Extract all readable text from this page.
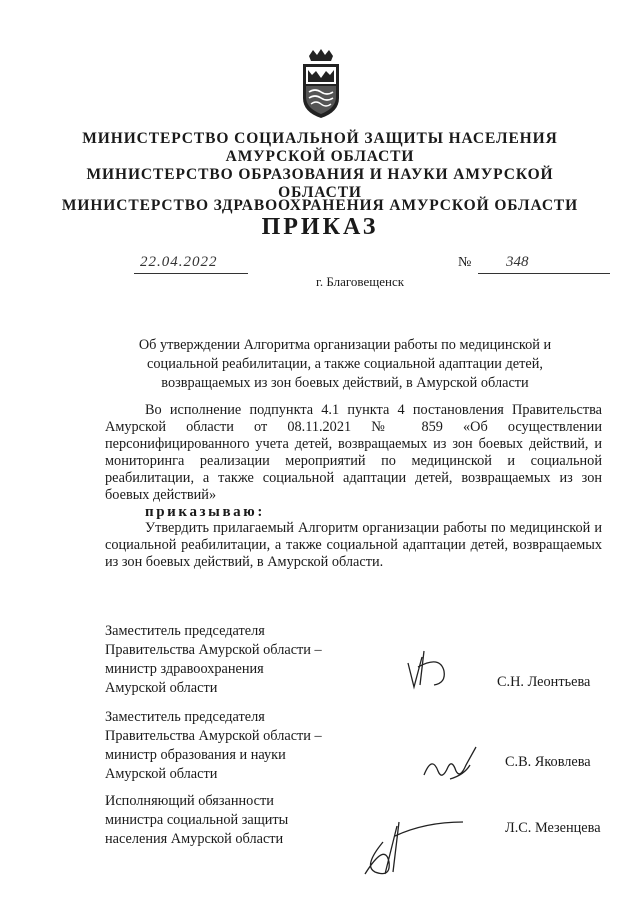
МИНИСТЕРСТВО СОЦИАЛЬНОЙ ЗАЩИТЫ НАСЕЛЕНИЯ
АМУРСКОЙ ОБЛАСТИ
МИНИСТЕРСТВО ОБРАЗОВАНИЯ И НАУКИ АМУРСКОЙ
ОБЛАСТИ
МИНИСТЕРСТВО ЗДРАВООХРАНЕНИЯ АМУРСКОЙ ОБЛАСТИ
ПРИКАЗ
22.04.2022	№	348
г. Благовещенск
Об утверждении Алгоритма организации работы по медицинской и
социальной реабилитации, а также социальной адаптации детей,
возвращаемых из зон боевых действий, в Амурской области

Во исполнение подпункта 4.1 пункта 4 постановления Правительства Амурской области от 08.11.2021 № 859 «Об осуществлении персонифицированного учета детей, возвращаемых из зон боевых действий, и мониторинга реализации мероприятий по медицинской и социальной реабилитации, а также социальной адаптации детей, возвращаемых из зон боевых действий»

приказываю:

Утвердить прилагаемый Алгоритм организации работы по медицинской и социальной реабилитации, а также социальной адаптации детей, возвращаемых из зон боевых действий, в Амурской области.

Заместитель председателя
Правительства Амурской области –
министр здравоохранения
Амурской области	С.Н. Леонтьева
Заместитель председателя
Правительства Амурской области –
министр образования и науки
Амурской области
С.В. Яковлева
Исполняющий обязанности
министра социальной защиты
населения Амурской области
Л.С. Мезенцева
